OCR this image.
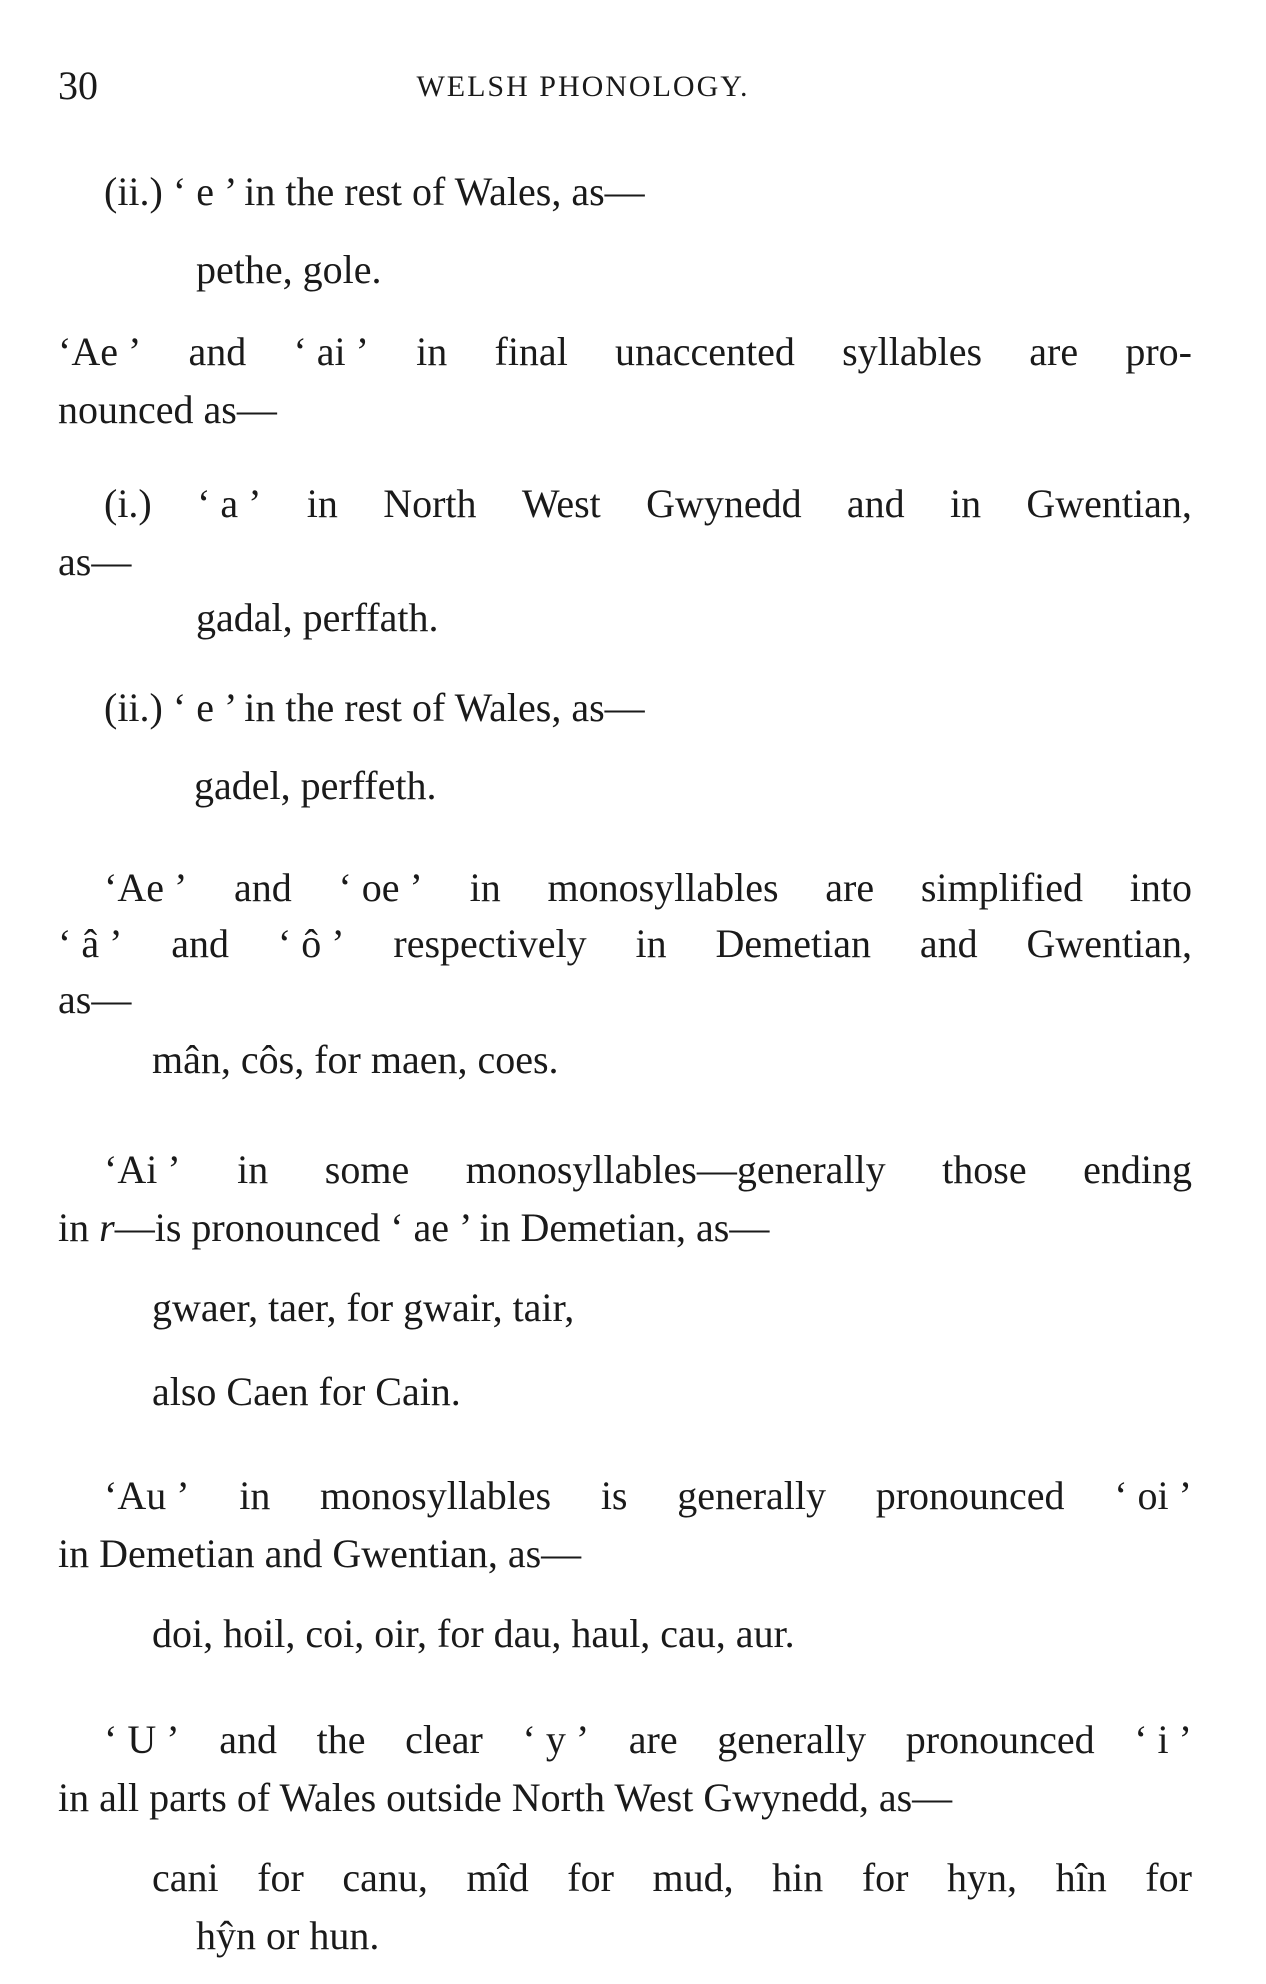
30	WELSH PHONOLOGY.
(ii.) ‘ e ’ in the rest of Wales, as—
pethe, gole.
‘Ae ’ and ‘ ai ’ in final unaccented syllables are pro-
nounced as—
(i.) ‘ a ’ in North West Gwynedd and in Gwentian,
as—
gadal, perffath.
(ii.) ‘ e ’ in the rest of Wales, as—
gadel, perffeth.
‘Ae ’ and ‘ oe ’ in monosyllables are simplified into
‘ â ’ and ‘ ô ’ respectively in Demetian and Gwentian,
as—
mân, côs, for maen, coes.
‘Ai ’ in some monosyllables—generally those ending
in r—is pronounced ‘ ae ’ in Demetian, as—
gwaer, taer, for gwair, tair,
also Caen for Cain.
‘Au ’ in monosyllables is generally pronounced ‘ oi ’
in Demetian and Gwentian, as—
doi, hoil, coi, oir, for dau, haul, cau, aur.
‘ U ’ and the clear ‘ y ’ are generally pronounced ‘ i ’
in all parts of Wales outside North West Gwynedd, as—
cani for canu, mîd for mud, hin for hyn, hîn for
hŷn or hun.
